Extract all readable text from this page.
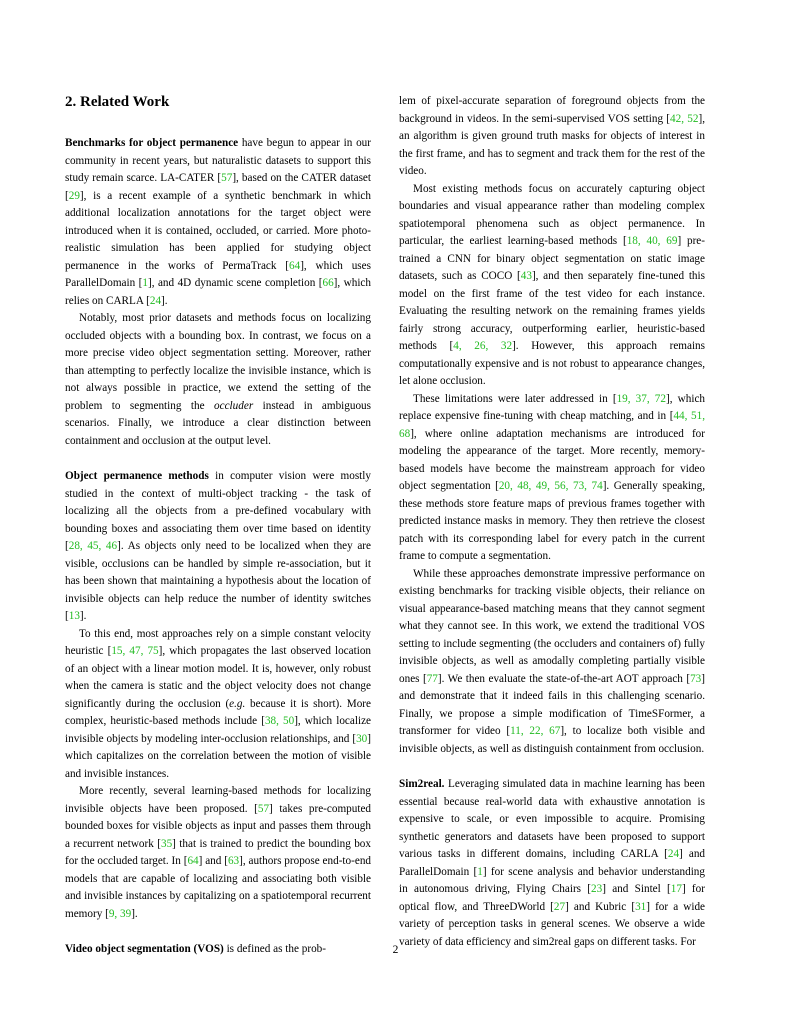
2. Related Work

Benchmarks for object permanence have begun to appear in our community in recent years, but naturalistic datasets to support this study remain scarce. LA-CATER [57], based on the CATER dataset [29], is a recent example of a synthetic benchmark in which additional localization annotations for the target object were introduced when it is contained, occluded, or carried. More photo-realistic simulation has been applied for studying object permanence in the works of PermaTrack [64], which uses ParallelDomain [1], and 4D dynamic scene completion [66], which relies on CARLA [24].

Notably, most prior datasets and methods focus on localizing occluded objects with a bounding box. In contrast, we focus on a more precise video object segmentation setting. Moreover, rather than attempting to perfectly localize the invisible instance, which is not always possible in practice, we extend the setting of the problem to segmenting the occluder instead in ambiguous scenarios. Finally, we introduce a clear distinction between containment and occlusion at the output level.

Object permanence methods in computer vision were mostly studied in the context of multi-object tracking - the task of localizing all the objects from a pre-defined vocabulary with bounding boxes and associating them over time based on identity [28, 45, 46]. As objects only need to be localized when they are visible, occlusions can be handled by simple re-association, but it has been shown that maintaining a hypothesis about the location of invisible objects can help reduce the number of identity switches [13].

To this end, most approaches rely on a simple constant velocity heuristic [15, 47, 75], which propagates the last observed location of an object with a linear motion model. It is, however, only robust when the camera is static and the object velocity does not change significantly during the occlusion (e.g. because it is short). More complex, heuristic-based methods include [38, 50], which localize invisible objects by modeling inter-occlusion relationships, and [30] which capitalizes on the correlation between the motion of visible and invisible instances.

More recently, several learning-based methods for localizing invisible objects have been proposed. [57] takes pre-computed bounded boxes for visible objects as input and passes them through a recurrent network [35] that is trained to predict the bounding box for the occluded target. In [64] and [63], authors propose end-to-end models that are capable of localizing and associating both visible and invisible instances by capitalizing on a spatiotemporal recurrent memory [9, 39].

Video object segmentation (VOS) is defined as the prob-

lem of pixel-accurate separation of foreground objects from the background in videos. In the semi-supervised VOS setting [42, 52], an algorithm is given ground truth masks for objects of interest in the first frame, and has to segment and track them for the rest of the video.

Most existing methods focus on accurately capturing object boundaries and visual appearance rather than modeling complex spatiotemporal phenomena such as object permanence. In particular, the earliest learning-based methods [18, 40, 69] pre-trained a CNN for binary object segmentation on static image datasets, such as COCO [43], and then separately fine-tuned this model on the first frame of the test video for each instance. Evaluating the resulting network on the remaining frames yields fairly strong accuracy, outperforming earlier, heuristic-based methods [4, 26, 32]. However, this approach remains computationally expensive and is not robust to appearance changes, let alone occlusion.

These limitations were later addressed in [19, 37, 72], which replace expensive fine-tuning with cheap matching, and in [44, 51, 68], where online adaptation mechanisms are introduced for modeling the appearance of the target. More recently, memory-based models have become the mainstream approach for video object segmentation [20, 48, 49, 56, 73, 74]. Generally speaking, these methods store feature maps of previous frames together with predicted instance masks in memory. They then retrieve the closest patch with its corresponding label for every patch in the current frame to compute a segmentation.

While these approaches demonstrate impressive performance on existing benchmarks for tracking visible objects, their reliance on visual appearance-based matching means that they cannot segment what they cannot see. In this work, we extend the traditional VOS setting to include segmenting (the occluders and containers of) fully invisible objects, as well as amodally completing partially visible ones [77]. We then evaluate the state-of-the-art AOT approach [73] and demonstrate that it indeed fails in this challenging scenario. Finally, we propose a simple modification of TimeSFormer, a transformer for video [11, 22, 67], to localize both visible and invisible objects, as well as distinguish containment from occlusion.

Sim2real. Leveraging simulated data in machine learning has been essential because real-world data with exhaustive annotation is expensive to scale, or even impossible to acquire. Promising synthetic generators and datasets have been proposed to support various tasks in different domains, including CARLA [24] and ParallelDomain [1] for scene analysis and behavior understanding in autonomous driving, Flying Chairs [23] and Sintel [17] for optical flow, and ThreeDWorld [27] and Kubric [31] for a wide variety of perception tasks in general scenes. We observe a wide variety of data efficiency and sim2real gaps on different tasks. For

2
